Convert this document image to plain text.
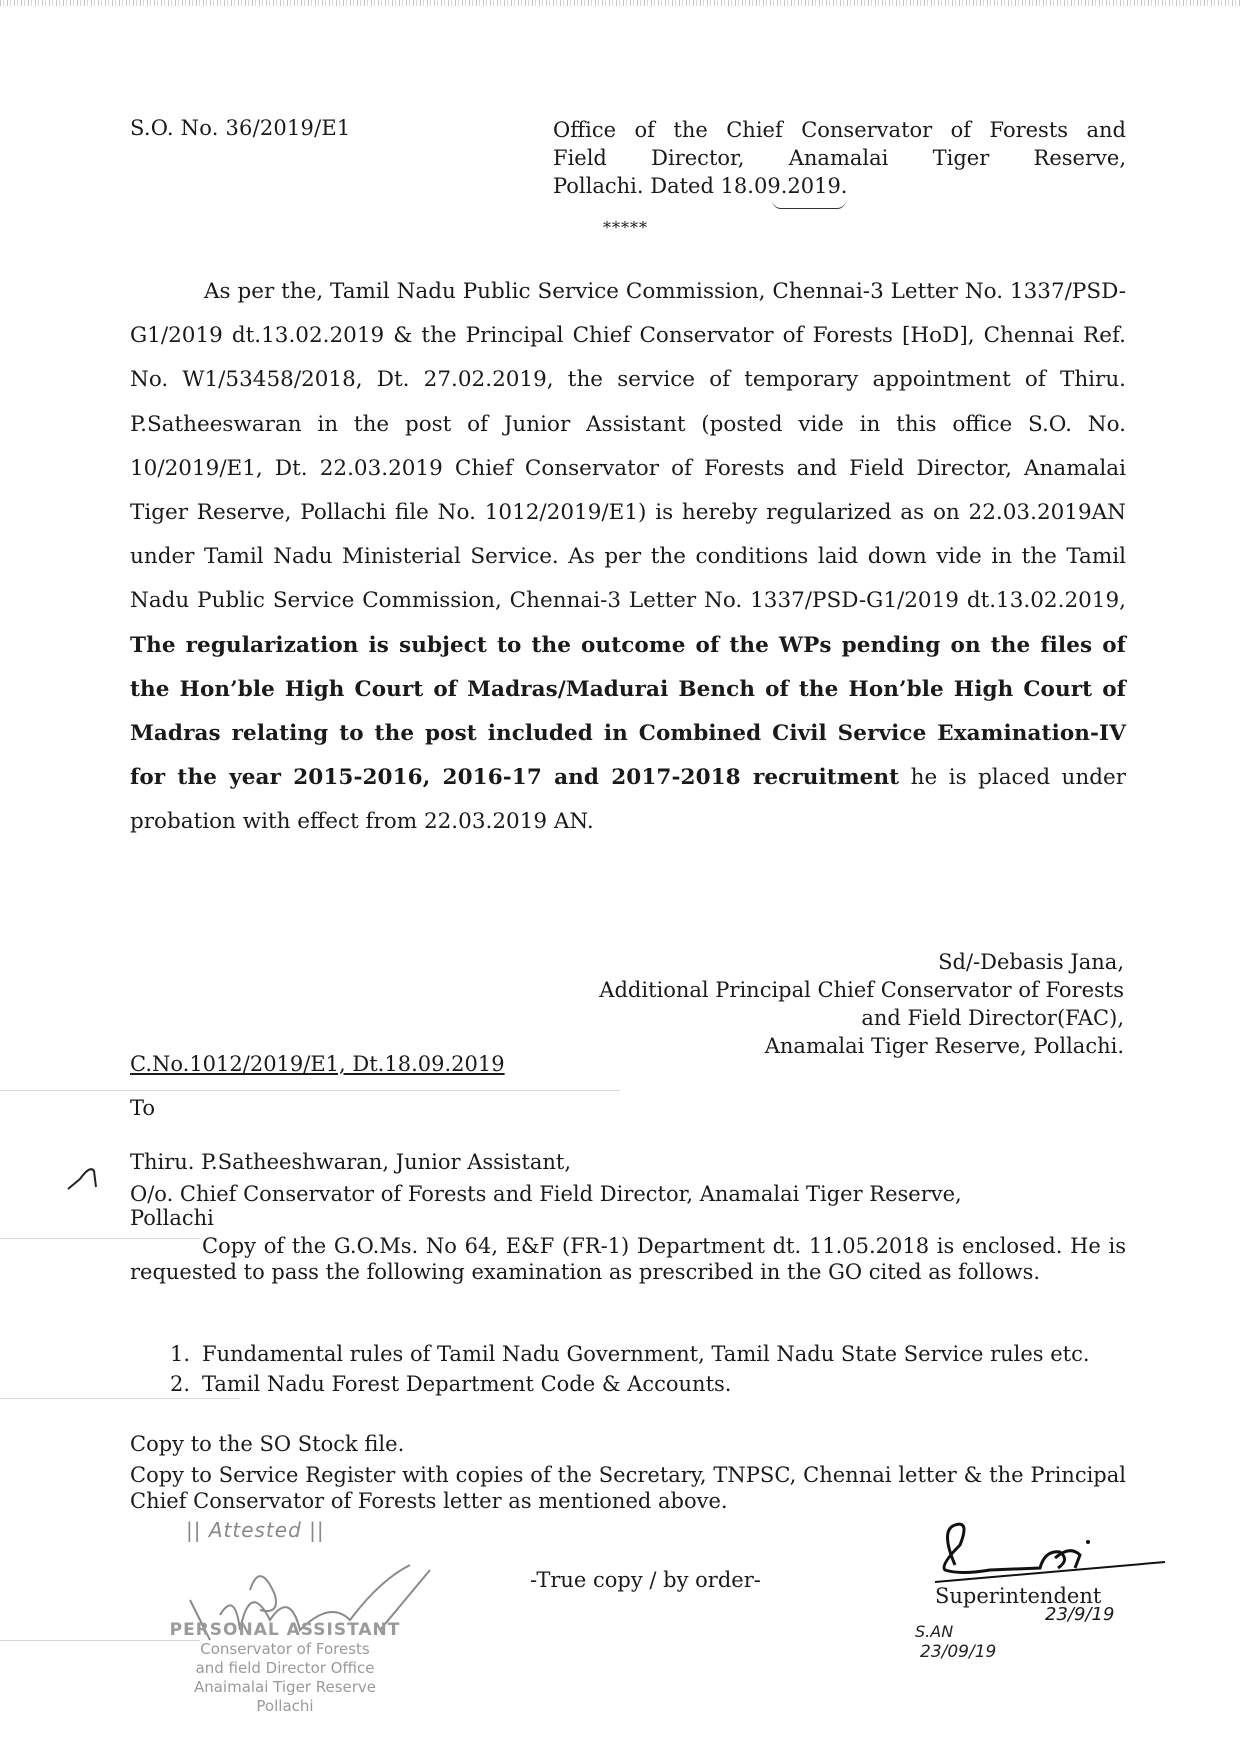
S.O. No. 36/2019/E1	Office of the Chief Conservator of Forests and
Field Director, Anamalai Tiger Reserve,
Pollachi. Dated 18.09.2019.
*****

As per the, Tamil Nadu Public Service Commission, Chennai-3 Letter No. 1337/PSD-G1/2019 dt.13.02.2019 & the Principal Chief Conservator of Forests [HoD], Chennai Ref. No. W1/53458/2018, Dt. 27.02.2019, the service of temporary appointment of Thiru. P.Satheeswaran in the post of Junior Assistant (posted vide in this office S.O. No. 10/2019/E1, Dt. 22.03.2019 Chief Conservator of Forests and Field Director, Anamalai Tiger Reserve, Pollachi file No. 1012/2019/E1) is hereby regularized as on 22.03.2019AN under Tamil Nadu Ministerial Service. As per the conditions laid down vide in the Tamil Nadu Public Service Commission, Chennai-3 Letter No. 1337/PSD-G1/2019 dt.13.02.2019, The regularization is subject to the outcome of the WPs pending on the files of the Hon’ble High Court of Madras/Madurai Bench of the Hon’ble High Court of Madras relating to the post included in Combined Civil Service Examination-IV for the year 2015-2016, 2016-17 and 2017-2018 recruitment he is placed under probation with effect from 22.03.2019 AN.

Sd/-Debasis Jana,
Additional Principal Chief Conservator of Forests
and Field Director(FAC),
Anamalai Tiger Reserve, Pollachi.
C.No.1012/2019/E1, Dt.18.09.2019
To
Thiru. P.Satheeshwaran, Junior Assistant,
O/o. Chief Conservator of Forests and Field Director, Anamalai Tiger Reserve,
Pollachi
Copy of the G.O.Ms. No 64, E&F (FR-1) Department dt. 11.05.2018 is enclosed. He is requested to pass the following examination as prescribed in the GO cited as follows.
1. Fundamental rules of Tamil Nadu Government, Tamil Nadu State Service rules etc.
2. Tamil Nadu Forest Department Code & Accounts.
Copy to the SO Stock file.
Copy to Service Register with copies of the Secretary, TNPSC, Chennai letter & the Principal Chief Conservator of Forests letter as mentioned above.
|| Attested ||
PERSONAL ASSISTANT
Conservator of Forests
and field Director Office
Anaimalai Tiger Reserve
Pollachi
-True copy / by order-
Superintendent
23/9/19
S.AN
23/09/19
